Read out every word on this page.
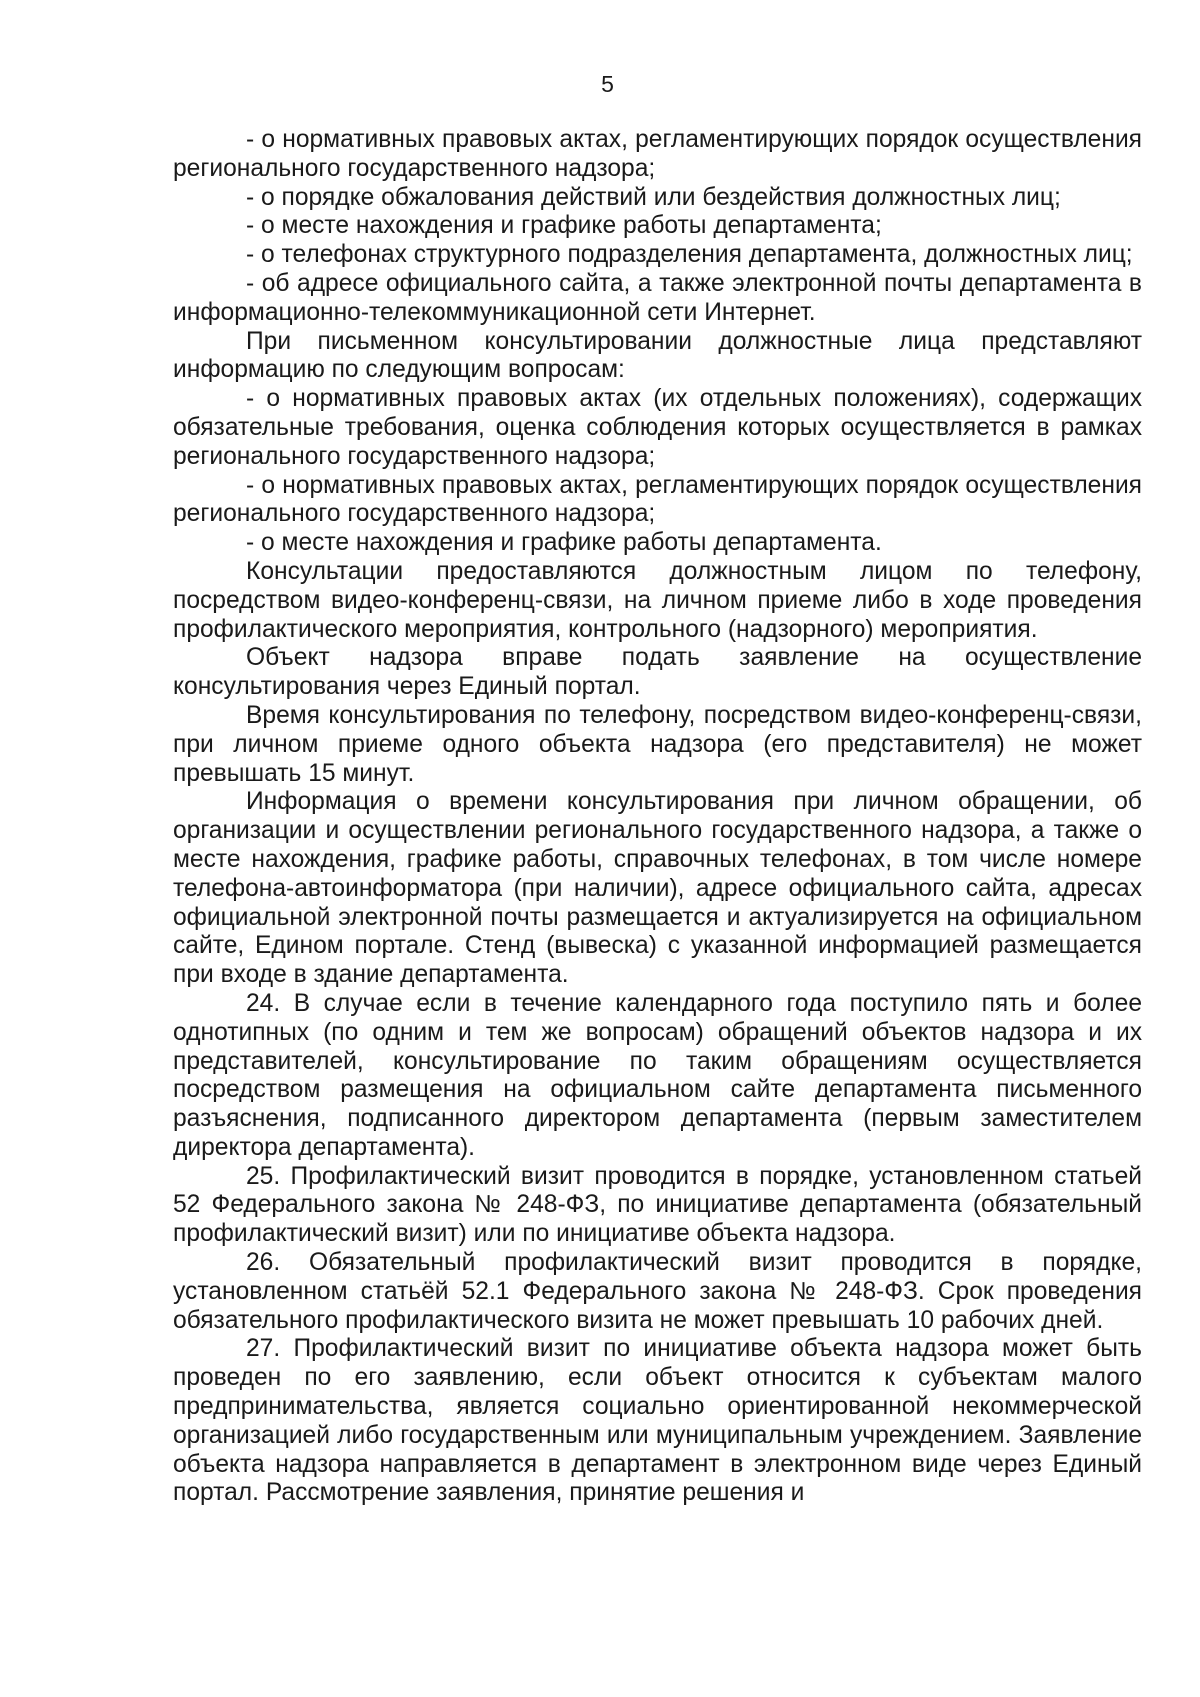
5

- о нормативных правовых актах, регламентирующих порядок осуществления регионального государственного надзора;

- о порядке обжалования действий или бездействия должностных лиц;

- о месте нахождения и графике работы департамента;

- о телефонах структурного подразделения департамента, должностных лиц;

- об адресе официального сайта, а также электронной почты департамента в информационно-телекоммуникационной сети Интернет.

При письменном консультировании должностные лица представляют информацию по следующим вопросам:

- о нормативных правовых актах (их отдельных положениях), содержащих обязательные требования, оценка соблюдения которых осуществляется в рамках регионального государственного надзора;

- о нормативных правовых актах, регламентирующих порядок осуществления регионального государственного надзора;

- о месте нахождения и графике работы департамента.

Консультации предоставляются должностным лицом по телефону, посредством видео-конференц-связи, на личном приеме либо в ходе проведения профилактического мероприятия, контрольного (надзорного) мероприятия.

Объект надзора вправе подать заявление на осуществление консультирования через Единый портал.

Время консультирования по телефону, посредством видео-конференц-связи, при личном приеме одного объекта надзора (его представителя) не может превышать 15 минут.

Информация о времени консультирования при личном обращении, об организации и осуществлении регионального государственного надзора, а также о месте нахождения, графике работы, справочных телефонах, в том числе номере телефона-автоинформатора (при наличии), адресе официального сайта, адресах официальной электронной почты размещается и актуализируется на официальном сайте, Едином портале. Стенд (вывеска) с указанной информацией размещается при входе в здание департамента.

24. В случае если в течение календарного года поступило пять и более однотипных (по одним и тем же вопросам) обращений объектов надзора и их представителей, консультирование по таким обращениям осуществляется посредством размещения на официальном сайте департамента письменного разъяснения, подписанного директором департамента (первым заместителем директора департамента).

25. Профилактический визит проводится в порядке, установленном статьей 52 Федерального закона № 248-ФЗ, по инициативе департамента (обязательный профилактический визит) или по инициативе объекта надзора.

26. Обязательный профилактический визит проводится в порядке, установленном статьёй 52.1 Федерального закона № 248-ФЗ. Срок проведения обязательного профилактического визита не может превышать 10 рабочих дней.

27. Профилактический визит по инициативе объекта надзора может быть проведен по его заявлению, если объект относится к субъектам малого предпринимательства, является социально ориентированной некоммерческой организацией либо государственным или муниципальным учреждением. Заявление объекта надзора направляется в департамент в электронном виде через Единый портал. Рассмотрение заявления, принятие решения и
